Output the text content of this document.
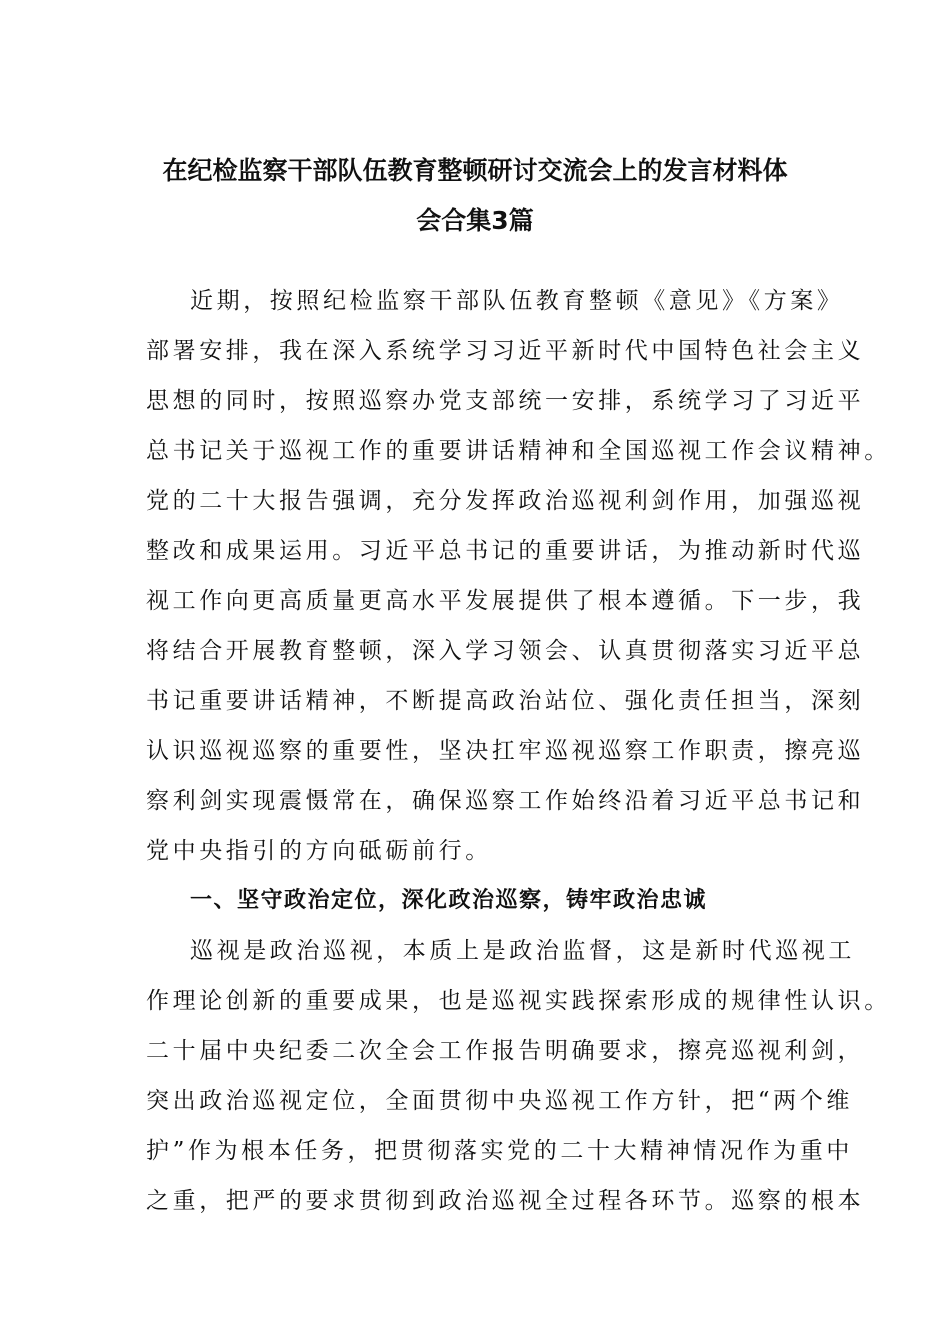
在纪检监察干部队伍教育整顿研讨交流会上的发言材料体

会合集3篇

近期，按照纪检监察干部队伍教育整顿《意见》《方案》

部署安排，我在深入系统学习习近平新时代中国特色社会主义

思想的同时，按照巡察办党支部统一安排，系统学习了习近平

总书记关于巡视工作的重要讲话精神和全国巡视工作会议精神。

党的二十大报告强调，充分发挥政治巡视利剑作用，加强巡视

整改和成果运用。习近平总书记的重要讲话，为推动新时代巡

视工作向更高质量更高水平发展提供了根本遵循。下一步，我

将结合开展教育整顿，深入学习领会、认真贯彻落实习近平总

书记重要讲话精神，不断提高政治站位、强化责任担当，深刻

认识巡视巡察的重要性，坚决扛牢巡视巡察工作职责，擦亮巡

察利剑实现震慑常在，确保巡察工作始终沿着习近平总书记和

党中央指引的方向砥砺前行。

一、坚守政治定位，深化政治巡察，铸牢政治忠诚

巡视是政治巡视，本质上是政治监督，这是新时代巡视工

作理论创新的重要成果，也是巡视实践探索形成的规律性认识。

二十届中央纪委二次全会工作报告明确要求，擦亮巡视利剑，

突出政治巡视定位，全面贯彻中央巡视工作方针，把“两个维

护”作为根本任务，把贯彻落实党的二十大精神情况作为重中

之重，把严的要求贯彻到政治巡视全过程各环节。巡察的根本
